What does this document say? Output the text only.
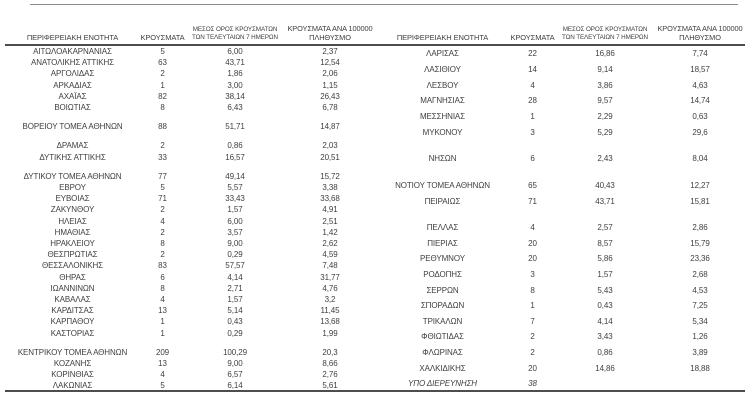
ΠΕΡΙΦΕΡΕΙΑΚΗ ΕΝΟΤΗΤΑ	ΚΡΟΥΣΜΑΤΑ	ΜΕΣΟΣ ΟΡΟΣ ΚΡΟΥΣΜΑΤΩΝ
ΤΩΝ ΤΕΛΕΥΤΑΙΩΝ 7 ΗΜΕΡΩΝ	ΚΡΟΥΣΜΑΤΑ ΑΝΑ 100000
ΠΛΗΘΥΣΜΟ

ΑΙΤΩΛΟΑΚΑΡΝΑΝΙΑΣ	5	6,00	2,37
ΑΝΑΤΟΛΙΚΗΣ ΑΤΤΙΚΗΣ	63	43,71	12,54
ΑΡΓΟΛΙΔΑΣ	2	1,86	2,06
ΑΡΚΑΔΙΑΣ	1	3,00	1,15
ΑΧΑΪΑΣ	82	38,14	26,43
ΒΟΙΩΤΙΑΣ	8	6,43	6,78

ΒΟΡΕΙΟΥ ΤΟΜΕΑ ΑΘΗΝΩΝ	88	51,71	14,87

ΔΡΑΜΑΣ	2	0,86	2,03
ΔΥΤΙΚΗΣ ΑΤΤΙΚΗΣ	33	16,57	20,51

ΔΥΤΙΚΟΥ ΤΟΜΕΑ ΑΘΗΝΩΝ	77	49,14	15,72
ΕΒΡΟΥ	5	5,57	3,38
ΕΥΒΟΙΑΣ	71	33,43	33,68
ΖΑΚΥΝΘΟΥ	2	1,57	4,91
ΗΛΕΙΑΣ	4	6,00	2,51
ΗΜΑΘΙΑΣ	2	3,57	1,42
ΗΡΑΚΛΕΙΟΥ	8	9,00	2,62
ΘΕΣΠΡΩΤΙΑΣ	2	0,29	4,59
ΘΕΣΣΑΛΟΝΙΚΗΣ	83	57,57	7,48
ΘΗΡΑΣ	6	4,14	31,77
ΙΩΑΝΝΙΝΩΝ	8	2,71	4,76
ΚΑΒΑΛΑΣ	4	1,57	3,2
ΚΑΡΔΙΤΣΑΣ	13	5,14	11,45
ΚΑΡΠΑΘΟΥ	1	0,43	13,68
ΚΑΣΤΟΡΙΑΣ	1	0,29	1,99

ΚΕΝΤΡΙΚΟΥ ΤΟΜΕΑ ΑΘΗΝΩΝ	209	100,29	20,3
ΚΟΖΑΝΗΣ	13	9,00	8,66
ΚΟΡΙΝΘΙΑΣ	4	6,57	2,76
ΛΑΚΩΝΙΑΣ	5	6,14	5,61
ΠΕΡΙΦΕΡΕΙΑΚΗ ΕΝΟΤΗΤΑ	ΚΡΟΥΣΜΑΤΑ	ΜΕΣΟΣ ΟΡΟΣ ΚΡΟΥΣΜΑΤΩΝ
ΤΩΝ ΤΕΛΕΥΤΑΙΩΝ 7 ΗΜΕΡΩΝ	ΚΡΟΥΣΜΑΤΑ ΑΝΑ 100000
ΠΛΗΘΥΣΜΟ

ΛΑΡΙΣΑΣ	22	16,86	7,74
ΛΑΣΙΘΙΟΥ	14	9,14	18,57
ΛΕΣΒΟΥ	4	3,86	4,63
ΜΑΓΝΗΣΙΑΣ	28	9,57	14,74
ΜΕΣΣΗΝΙΑΣ	1	2,29	0,63
ΜΥΚΟΝΟΥ	3	5,29	29,6

ΝΗΣΩΝ	6	2,43	8,04

ΝΟΤΙΟΥ ΤΟΜΕΑ ΑΘΗΝΩΝ	65	40,43	12,27
ΠΕΙΡΑΙΩΣ	71	43,71	15,81

ΠΕΛΛΑΣ	4	2,57	2,86
ΠΙΕΡΙΑΣ	20	8,57	15,79
ΡΕΘΥΜΝΟΥ	20	5,86	23,36
ΡΟΔΟΠΗΣ	3	1,57	2,68
ΣΕΡΡΩΝ	8	5,43	4,53
ΣΠΟΡΑΔΩΝ	1	0,43	7,25
ΤΡΙΚΑΛΩΝ	7	4,14	5,34
ΦΘΙΩΤΙΔΑΣ	2	3,43	1,26
ΦΛΩΡΙΝΑΣ	2	0,86	3,89
ΧΑΛΚΙΔΙΚΗΣ	20	14,86	18,88
ΥΠΟ ΔΙΕΡΕΥΝΗΣΗ	38		
